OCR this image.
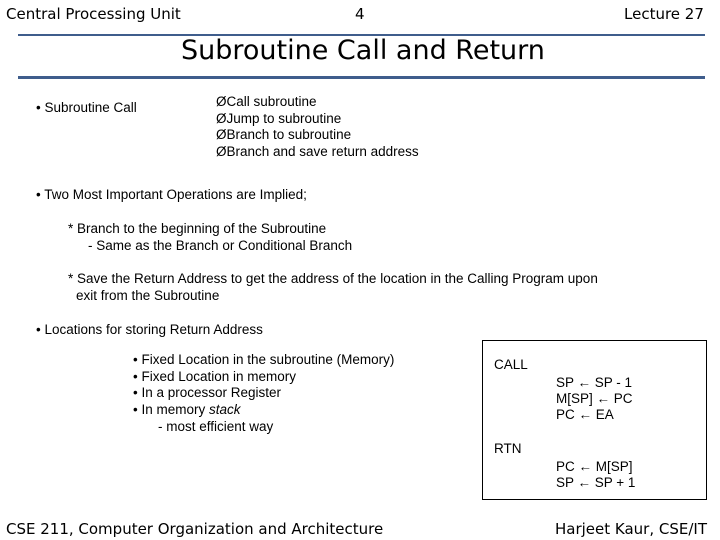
Central Processing Unit	4	Lecture 27
Subroutine Call and Return
• Subroutine Call	ØCall subroutine
ØJump to subroutine
ØBranch to subroutine
ØBranch and save return address
• Two Most Important Operations are Implied;
* Branch to the beginning of the Subroutine
- Same as the Branch or Conditional Branch
* Save the Return Address to get the address of the location in the Calling Program upon
exit from the Subroutine
• Locations for storing Return Address
• Fixed Location in the subroutine (Memory)
• Fixed Location in memory
• In a processor Register
• In memory stack
- most efficient way
CALL
SP ← SP - 1
M[SP] ← PC
PC ← EA
RTN
PC ← M[SP]
SP ← SP + 1
CSE 211, Computer Organization and Architecture	Harjeet Kaur, CSE/IT
